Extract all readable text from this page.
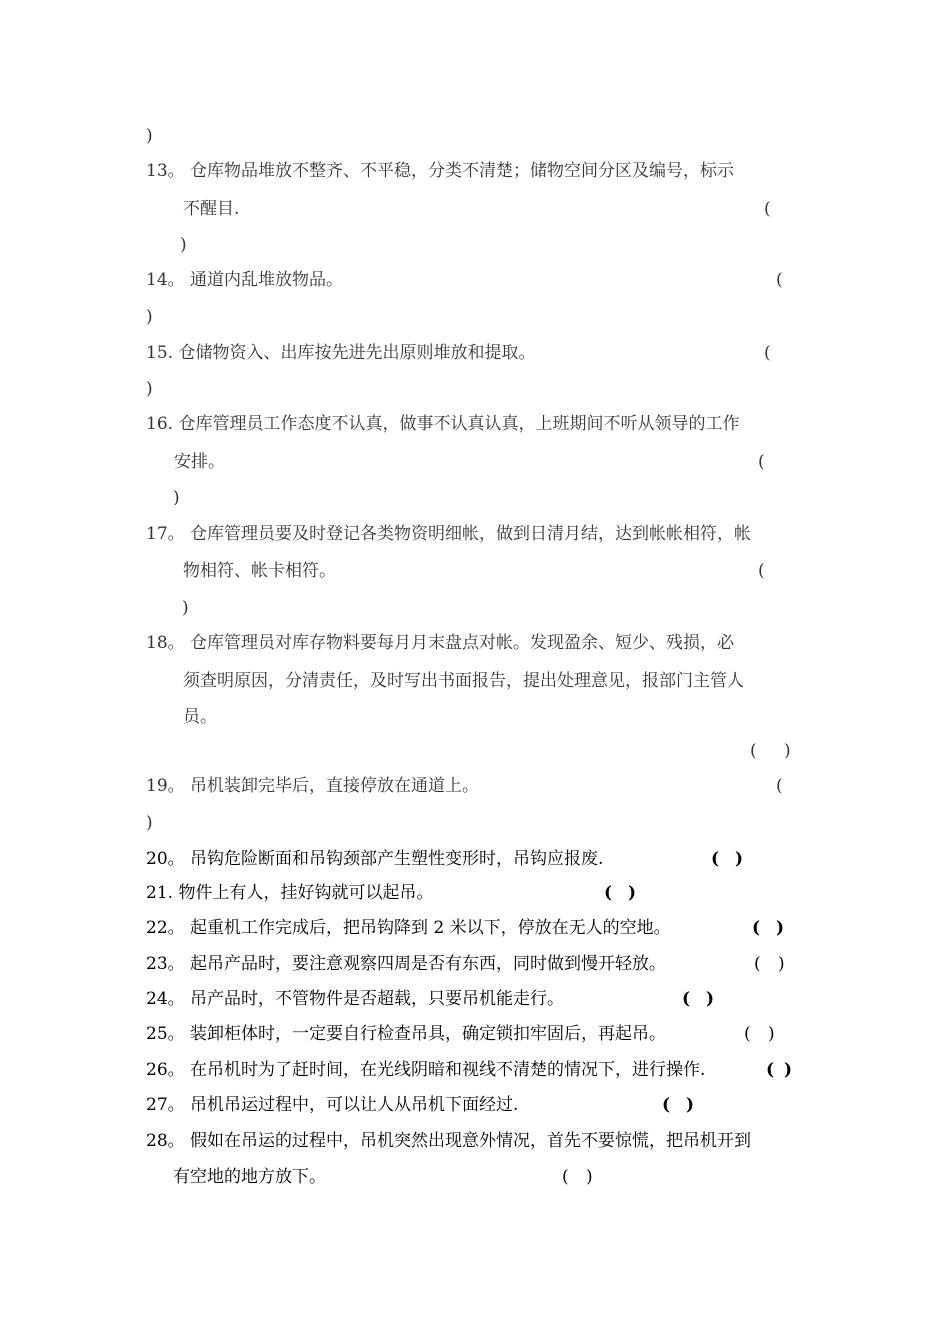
)
13。 仓库物品堆放不整齐、不平稳，分类不清楚；储物空间分区及编号，标示
不醒目.	(
)
14。 通道内乱堆放物品。	(
)
15. 仓储物资入、出库按先进先出原则堆放和提取。	(
)
16. 仓库管理员工作态度不认真，做事不认真认真，上班期间不听从领导的工作
安排。	(
)
17。 仓库管理员要及时登记各类物资明细帐，做到日清月结，达到帐帐相符，帐
物相符、帐卡相符。	(
)
18。 仓库管理员对库存物料要每月月末盘点对帐。发现盈余、短少、残损，必
须查明原因，分清责任，及时写出书面报告，提出处理意见，报部门主管人
员。
( )
19。 吊机装卸完毕后，直接停放在通道上。	(
)
20。 吊钩危险断面和吊钩颈部产生塑性变形时，吊钩应报废.	( )
21. 物件上有人，挂好钩就可以起吊。	( )
22。 起重机工作完成后，把吊钩降到 2 米以下，停放在无人的空地。	( )
23。 起吊产品时，要注意观察四周是否有东西，同时做到慢开轻放。	( )
24。 吊产品时，不管物件是否超载，只要吊机能走行。	( )
25。 装卸柜体时，一定要自行检查吊具，确定锁扣牢固后，再起吊。	( )
26。 在吊机时为了赶时间，在光线阴暗和视线不清楚的情况下，进行操作.	( )
27。 吊机吊运过程中，可以让人从吊机下面经过.	( )
28。 假如在吊运的过程中，吊机突然出现意外情况，首先不要惊慌，把吊机开到
有空地的地方放下。	( )
